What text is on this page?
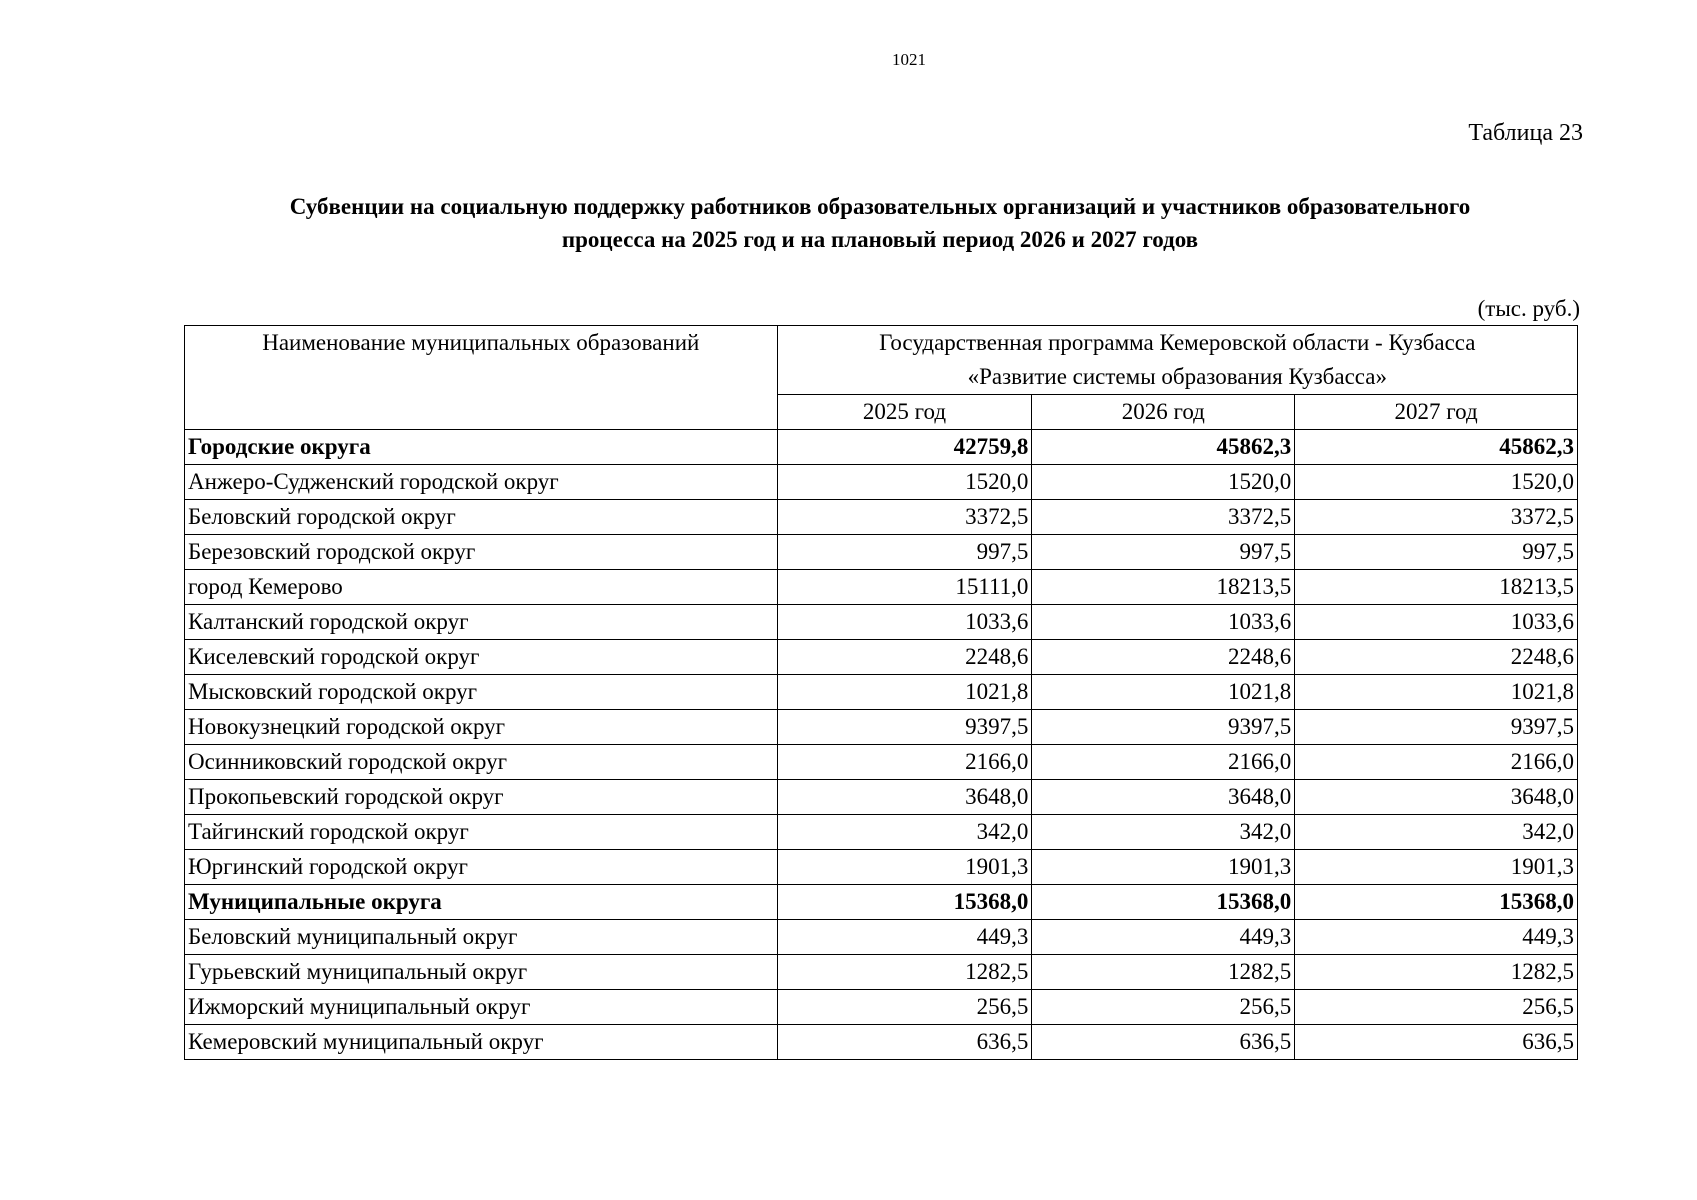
1021
Таблица 23
Субвенции на социальную поддержку работников образовательных организаций и участников образовательного
процесса на 2025 год и на плановый период 2026 и 2027 годов
(тыс. руб.)
Наименование муниципальных образований	Государственная программа Кемеровской области - Кузбасса
«Развитие системы образования Кузбасса»		

	2025 год	2026 год	2027 год
Городские округа	42759,8	45862,3	45862,3
Анжеро-Судженский городской округ	1520,0	1520,0	1520,0
Беловский городской округ	3372,5	3372,5	3372,5
Березовский городской округ	997,5	997,5	997,5
город Кемерово	15111,0	18213,5	18213,5
Калтанский городской округ	1033,6	1033,6	1033,6
Киселевский городской округ	2248,6	2248,6	2248,6
Мысковский городской округ	1021,8	1021,8	1021,8
Новокузнецкий городской округ	9397,5	9397,5	9397,5
Осинниковский городской округ	2166,0	2166,0	2166,0
Прокопьевский городской округ	3648,0	3648,0	3648,0
Тайгинский городской округ	342,0	342,0	342,0
Юргинский городской округ	1901,3	1901,3	1901,3
Муниципальные округа	15368,0	15368,0	15368,0
Беловский муниципальный округ	449,3	449,3	449,3
Гурьевский муниципальный округ	1282,5	1282,5	1282,5
Ижморский муниципальный округ	256,5	256,5	256,5
Кемеровский муниципальный округ	636,5	636,5	636,5
